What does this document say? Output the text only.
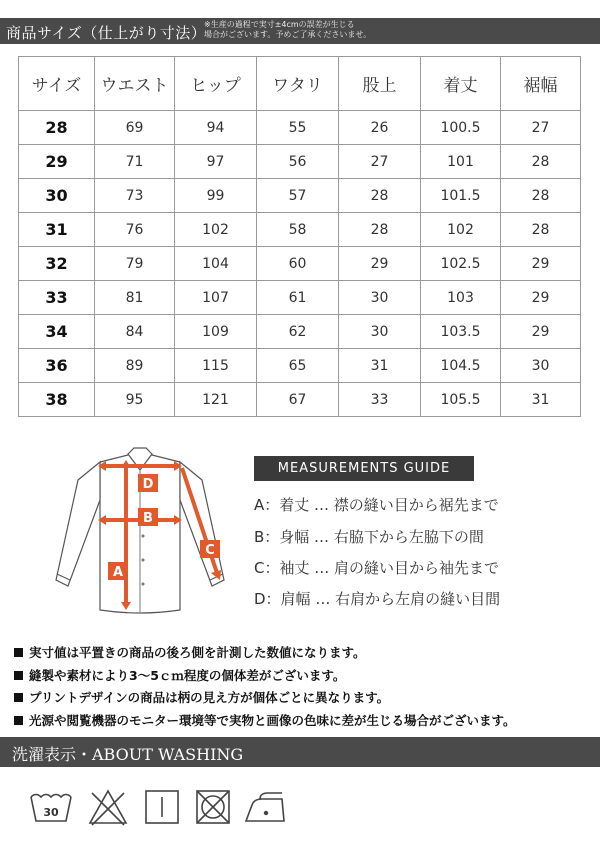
商品サイズ（仕上がり寸法）
※生産の過程で実寸±4cmの誤差が生じる
場合がございます。予めご了承くださいませ。
サイズ	ウエスト	ヒップ	ワタリ	股上	着丈	裾幅
28	69	94	55	26	100.5	27
29	71	97	56	27	101	28
30	73	99	57	28	101.5	28
31	76	102	58	28	102	28
32	79	104	60	29	102.5	29
33	81	107	61	30	103	29
34	84	109	62	30	103.5	29
36	89	115	65	31	104.5	30
38	95	121	67	33	105.5	31
D
B
A
C
MEASUREMENTS GUIDE
A：着丈 … 襟の縫い目から裾先まで
B：身幅 … 右脇下から左脇下の間
C：袖丈 … 肩の縫い目から袖先まで
D：肩幅 … 右肩から左肩の縫い目間
実寸値は平置きの商品の後ろ側を計測した数値になります。
縫製や素材により3～5ｃｍ程度の個体差がございます。
プリントデザインの商品は柄の見え方が個体ごとに異なります。
光源や閲覧機器のモニター環境等で実物と画像の色味に差が生じる場合がございます。
洗濯表示・ABOUT WASHING
30
